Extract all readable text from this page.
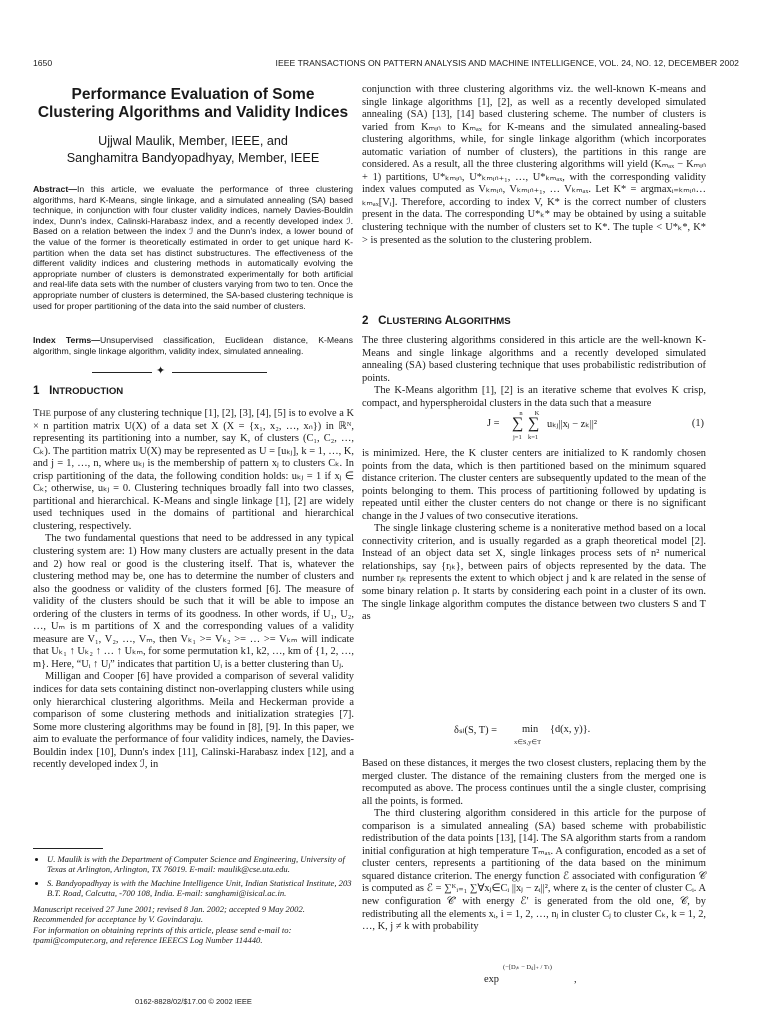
1650	IEEE TRANSACTIONS ON PATTERN ANALYSIS AND MACHINE INTELLIGENCE, VOL. 24, NO. 12, DECEMBER 2002
Performance Evaluation of Some
Clustering Algorithms and Validity Indices
Ujjwal Maulik, Member, IEEE, and
Sanghamitra Bandyopadhyay, Member, IEEE
Abstract—In this article, we evaluate the performance of three clustering algorithms, hard K-Means, single linkage, and a simulated annealing (SA) based technique, in conjunction with four cluster validity indices, namely Davies-Bouldin index, Dunn's index, Calinski-Harabasz index, and a recently developed index ℐ. Based on a relation between the index ℐ and the Dunn's index, a lower bound of the value of the former is theoretically estimated in order to get unique hard K-partition when the data set has distinct substructures. The effectiveness of the different validity indices and clustering methods in automatically evolving the appropriate number of clusters is demonstrated experimentally for both artificial and real-life data sets with the number of clusters varying from two to ten. Once the appropriate number of clusters is determined, the SA-based clustering technique is used for proper partitioning of the data into the said number of clusters.
Index Terms—Unsupervised classification, Euclidean distance, K-Means algorithm, single linkage algorithm, validity index, simulated annealing.
✦
1 INTRODUCTION

THE purpose of any clustering technique [1], [2], [3], [4], [5] is to evolve a K × n partition matrix U(X) of a data set X (X = {x₁, x₂, …, xₙ}) in ℝᴺ, representing its partitioning into a number, say K, of clusters (C₁, C₂, …, Cₖ). The partition matrix U(X) may be represented as U = [uₖⱼ], k = 1, …, K, and j = 1, …, n, where uₖⱼ is the membership of pattern xⱼ to clusters Cₖ. In crisp partitioning of the data, the following condition holds: uₖⱼ = 1 if xⱼ ∈ Cₖ; otherwise, uₖⱼ = 0. Clustering techniques broadly fall into two classes, partitional and hierarchical. K-Means and single linkage [1], [2] are widely used techniques used in the domains of partitional and hierarchical clustering, respectively.

The two fundamental questions that need to be addressed in any typical clustering system are: 1) How many clusters are actually present in the data and 2) how real or good is the clustering itself. That is, whatever the clustering method may be, one has to determine the number of clusters and also the goodness or validity of the clusters formed [6]. The measure of validity of the clusters should be such that it will be able to impose an ordering of the clusters in terms of its goodness. In other words, if U₁, U₂, …, Uₘ is m partitions of X and the corresponding values of a validity measure are V₁, V₂, …, Vₘ, then Vₖ₁ >= Vₖ₂ >= … >= Vₖₘ will indicate that Uₖ₁ ↑ Uₖ₂ ↑ … ↑ Uₖₘ, for some permutation k1, k2, …, km of {1, 2, …, m}. Here, “Uᵢ ↑ Uⱼ” indicates that partition Uᵢ is a better clustering than Uⱼ.

Milligan and Cooper [6] have provided a comparison of several validity indices for data sets containing distinct non-overlapping clusters while using only hierarchical clustering algorithms. Meila and Heckerman provide a comparison of some clustering methods and initialization strategies [7]. Some more clustering algorithms may be found in [8], [9]. In this paper, we aim to evaluate the performance of four validity indices, namely, the Davies-Bouldin index [10], Dunn's index [11], Calinski-Harabasz index [12], and a recently developed index ℐ, in

• U. Maulik is with the Department of Computer Science and Engineering, University of Texas at Arlington, Arlington, TX 76019. E-mail: maulik@cse.uta.edu.
• S. Bandyopadhyay is with the Machine Intelligence Unit, Indian Statistical Institute, 203 B.T. Road, Calcutta, -700 108, India. E-mail: sanghami@isical.ac.in.
Manuscript received 27 June 2001; revised 8 Jan. 2002; accepted 9 May 2002. Recommended for acceptance by V. Govindaraju.
For information on obtaining reprints of this article, please send e-mail to: tpami@computer.org, and reference IEEECS Log Number 114440.
0162-8828/02/$17.00 © 2002 IEEE

conjunction with three clustering algorithms viz. the well-known K-means and single linkage algorithms [1], [2], as well as a recently developed simulated annealing (SA) [13], [14] based clustering scheme. The number of clusters is varied from Kₘᵢₙ to Kₘₐₓ for K-means and the simulated annealing-based clustering algorithms, while, for single linkage algorithm (which incorporates automatic variation of number of clusters), the partitions in this range are considered. As a result, all the three clustering algorithms will yield (Kₘₐₓ − Kₘᵢₙ + 1) partitions, U*ₖₘᵢₙ, U*ₖₘᵢₙ₊₁, …, U*ₖₘₐₓ, with the corresponding validity index values computed as Vₖₘᵢₙ, Vₖₘᵢₙ₊₁, … Vₖₘₐₓ. Let K* = argmaxᵢ₌ₖₘᵢₙ…ₖₘₐₓ[Vᵢ]. Therefore, according to index V, K* is the correct number of clusters present in the data. The corresponding U*ₖ* may be obtained by using a suitable clustering technique with the number of clusters set to K*. The tuple < U*ₖ*, K* > is presented as the solution to the clustering problem.

2 CLUSTERING ALGORITHMS

The three clustering algorithms considered in this article are the well-known K-Means and single linkage algorithms and a recently developed simulated annealing (SA) based clustering technique that uses probabilistic redistribution of points.

The K-Means algorithm [1], [2] is an iterative scheme that evolves K crisp, compact, and hyperspheroidal clusters in the data such that a measure

J =
n
∑
j=1
K
∑
k=1
uₖⱼ||xⱼ − zₖ||²	(1)

is minimized. Here, the K cluster centers are initialized to K randomly chosen points from the data, which is then partitioned based on the minimum squared distance criterion. The cluster centers are subsequently updated to the mean of the points belonging to them. This process of partitioning followed by updating is repeated until either the cluster centers do not change or there is no significant change in the J values of two consecutive iterations.

The single linkage clustering scheme is a noniterative method based on a local connectivity criterion, and is usually regarded as a graph theoretical model [2]. Instead of an object data set X, single linkages process sets of n² numerical relationships, say {rⱼₖ}, between pairs of objects represented by the data. The number rⱼₖ represents the extent to which object j and k are related in the sense of some binary relation ρ. It starts by considering each point in a cluster of its own. The single linkage algorithm computes the distance between two clusters S and T as

δₛₗ(S, T) = min
x∈S,y∈T
{d(x, y)}.

Based on these distances, it merges the two closest clusters, replacing them by the merged cluster. The distance of the remaining clusters from the merged one is recomputed as above. The process continues until the a single cluster, comprising all the points, is formed.

The third clustering algorithm considered in this article for the purpose of comparison is a simulated annealing (SA) based scheme with probabilistic redistribution of the data points [13], [14]. The SA algorithm starts from a random initial configuration at high temperature Tₘₐₓ. A configuration, encoded as a set of cluster centers, represents a partitioning of the data based on the minimum squared distance criterion. The energy function ℰ associated with configuration 𝒞 is computed as ℰ = ∑ᴷᵢ₌₁ ∑∀xⱼ∈Cᵢ ||xⱼ − zᵢ||², where zᵢ is the center of cluster Cᵢ. A new configuration 𝒞′ with energy ℰ′ is generated from the old one, 𝒞, by redistributing all the elements xᵢ, i = 1, 2, …, nⱼ in cluster Cⱼ to cluster Cₖ, k = 1, 2, …, K, j ≠ k with probability

exp
(−[Dᵢₖ − Dᵢⱼ]₊ / Tₜ)
,
